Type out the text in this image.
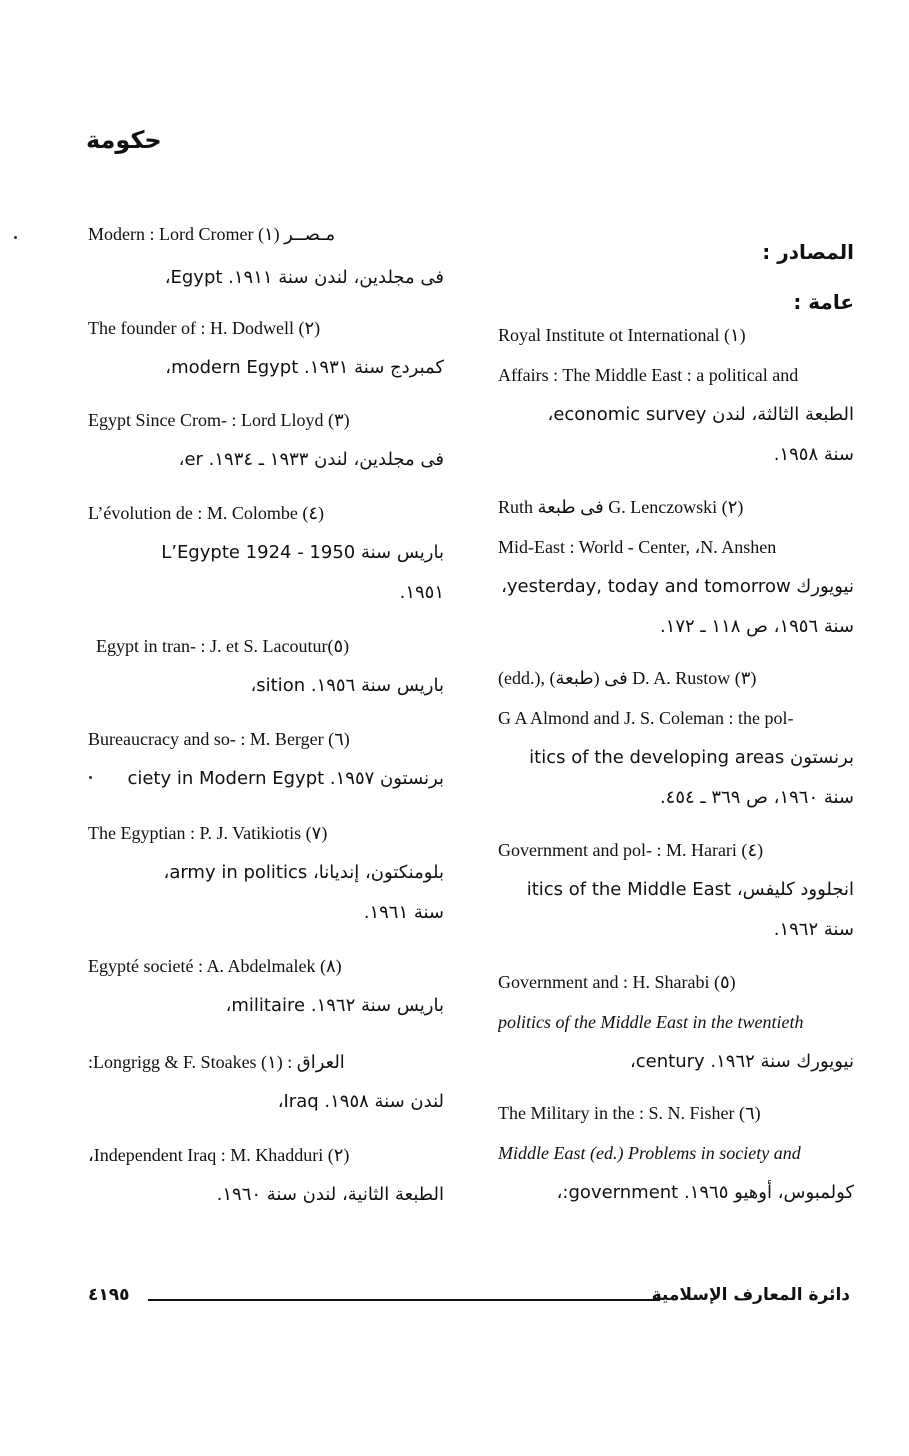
حكومة
المصادر :
عامة :
Royal Institute ot International (١)
Affairs : The Middle East : a political and
الطبعة الثالثة، لندن economic survey،
سنة ١٩٥٨.
Ruth فى طبعة G. Lenczowski (٢)
Mid-East : World - Center, ،N. Anshen
نيويورك yesterday, today and tomorrow،
سنة ١٩٥٦، ص ١١٨ ـ ١٧٢.
(edd.), (طبعة) فى D. A. Rustow (٣)
G A Almond and J. S. Coleman : the pol-
برنستون itics of the developing areas
سنة ١٩٦٠، ص ٣٦٩ ـ ٤٥٤.
Government and pol- : M. Harari (٤)
انجلوود كليفس، itics of the Middle East
سنة ١٩٦٢.
Government and : H. Sharabi (٥)
politics of the Middle East in the twentieth
نيويورك سنة ١٩٦٢. century،
The Military in the : S. N. Fisher (٦)
Middle East (ed.) Problems in society and
كولمبوس، أوهيو ١٩٦٥. government:،
Modern : Lord Cromer (١) مـصــر
فى مجلدين، لندن سنة ١٩١١. Egypt،
The founder of : H. Dodwell (٢)
كمبردج سنة ١٩٣١. modern Egypt،
Egypt Since Crom- : Lord Lloyd (٣)
فى مجلدين، لندن ١٩٣٣ ـ ١٩٣٤. er،
L’évolution de : M. Colombe (٤)
باريس سنة L’Egypte 1924 - 1950
١٩٥١.
Egypt in tran- : J. et S. Lacoutur(٥)
باريس سنة ١٩٥٦. sition،
Bureaucracy and so- : M. Berger (٦)
برنستون ١٩٥٧. ciety in Modern Egypt
The Egyptian : P. J. Vatikiotis (٧)
بلومنكتون، إنديانا، army in politics،
سنة ١٩٦١.
Egypté societé : A. Abdelmalek (٨)
باريس سنة ١٩٦٢. militaire،
:Longrigg & F. Stoakes (١) : العراق
لندن سنة ١٩٥٨. Iraq،
،Independent Iraq : M. Khadduri (٢)
الطبعة الثانية، لندن سنة ١٩٦٠.
٤١٩٥	دائرة المعارف الإسلامية
